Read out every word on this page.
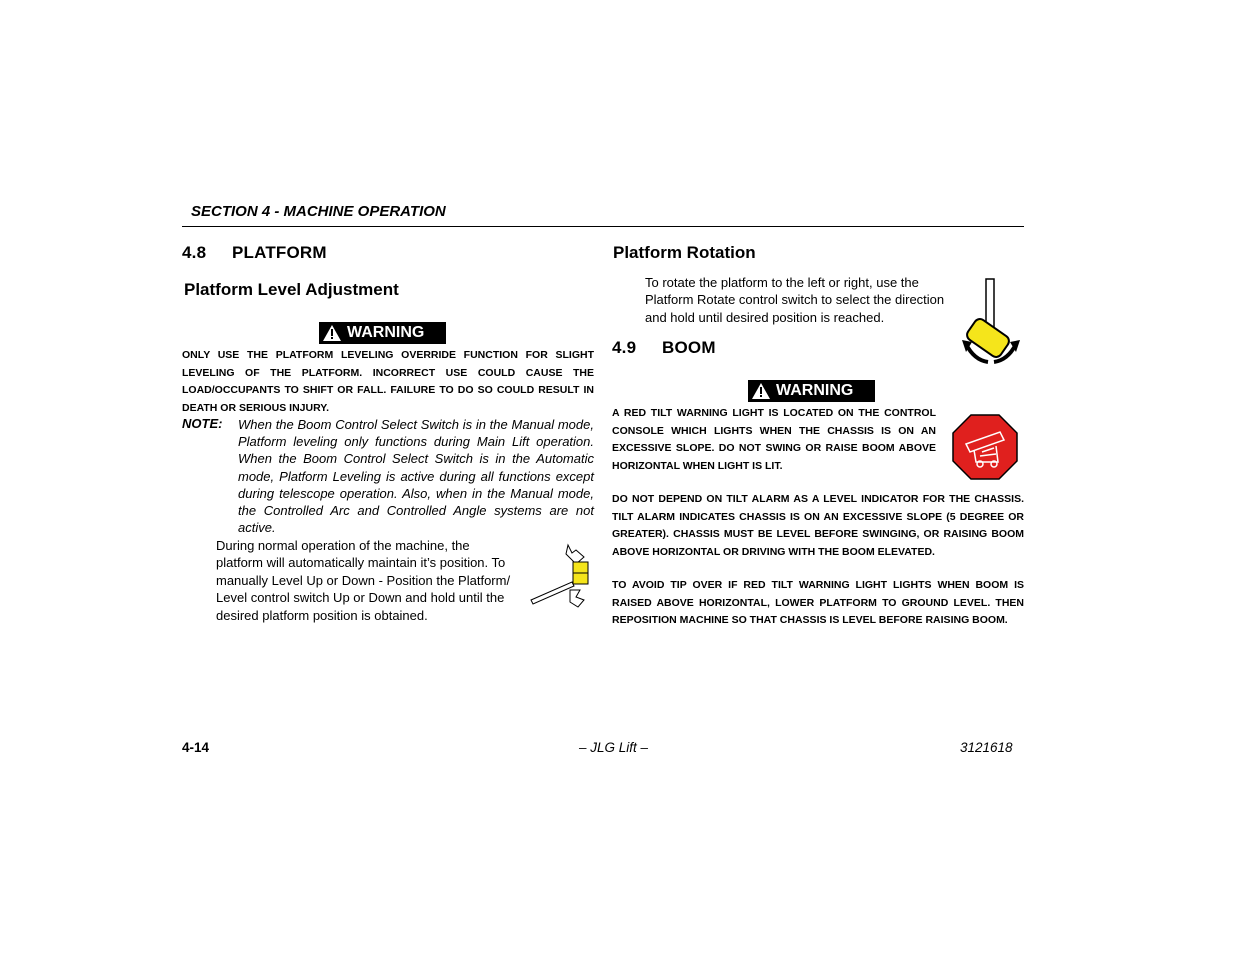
SECTION 4 - MACHINE OPERATION
4.8 PLATFORM
Platform Level Adjustment
WARNING
ONLY USE THE PLATFORM LEVELING OVERRIDE FUNCTION FOR SLIGHT LEVELING OF THE PLATFORM. INCORRECT USE COULD CAUSE THE LOAD/OCCUPANTS TO SHIFT OR FALL. FAILURE TO DO SO COULD RESULT IN DEATH OR SERIOUS INJURY.
NOTE: When the Boom Control Select Switch is in the Manual mode, Platform leveling only functions during Main Lift operation. When the Boom Control Select Switch is in the Automatic mode, Platform Leveling is active during all functions except during telescope operation. Also, when in the Manual mode, the Controlled Arc and Controlled Angle systems are not active.
During normal operation of the machine, the platform will automatically maintain it’s position. To manually Level Up or Down - Position the Platform/ Level control switch Up or Down and hold until the desired platform position is obtained.
Platform Rotation
To rotate the platform to the left or right, use the Platform Rotate control switch to select the direction and hold until desired position is reached.
4.9 BOOM
WARNING
A RED TILT WARNING LIGHT IS LOCATED ON THE CONTROL CONSOLE WHICH LIGHTS WHEN THE CHASSIS IS ON AN EXCESSIVE SLOPE. DO NOT SWING OR RAISE BOOM ABOVE HORIZONTAL WHEN LIGHT IS LIT.
DO NOT DEPEND ON TILT ALARM AS A LEVEL INDICATOR FOR THE CHASSIS. TILT ALARM INDICATES CHASSIS IS ON AN EXCESSIVE SLOPE (5 DEGREE OR GREATER). CHASSIS MUST BE LEVEL BEFORE SWINGING, OR RAISING BOOM ABOVE HORIZONTAL OR DRIVING WITH THE BOOM ELEVATED.
TO AVOID TIP OVER IF RED TILT WARNING LIGHT LIGHTS WHEN BOOM IS RAISED ABOVE HORIZONTAL, LOWER PLATFORM TO GROUND LEVEL. THEN REPOSITION MACHINE SO THAT CHASSIS IS LEVEL BEFORE RAISING BOOM.
4-14	– JLG Lift –	3121618
